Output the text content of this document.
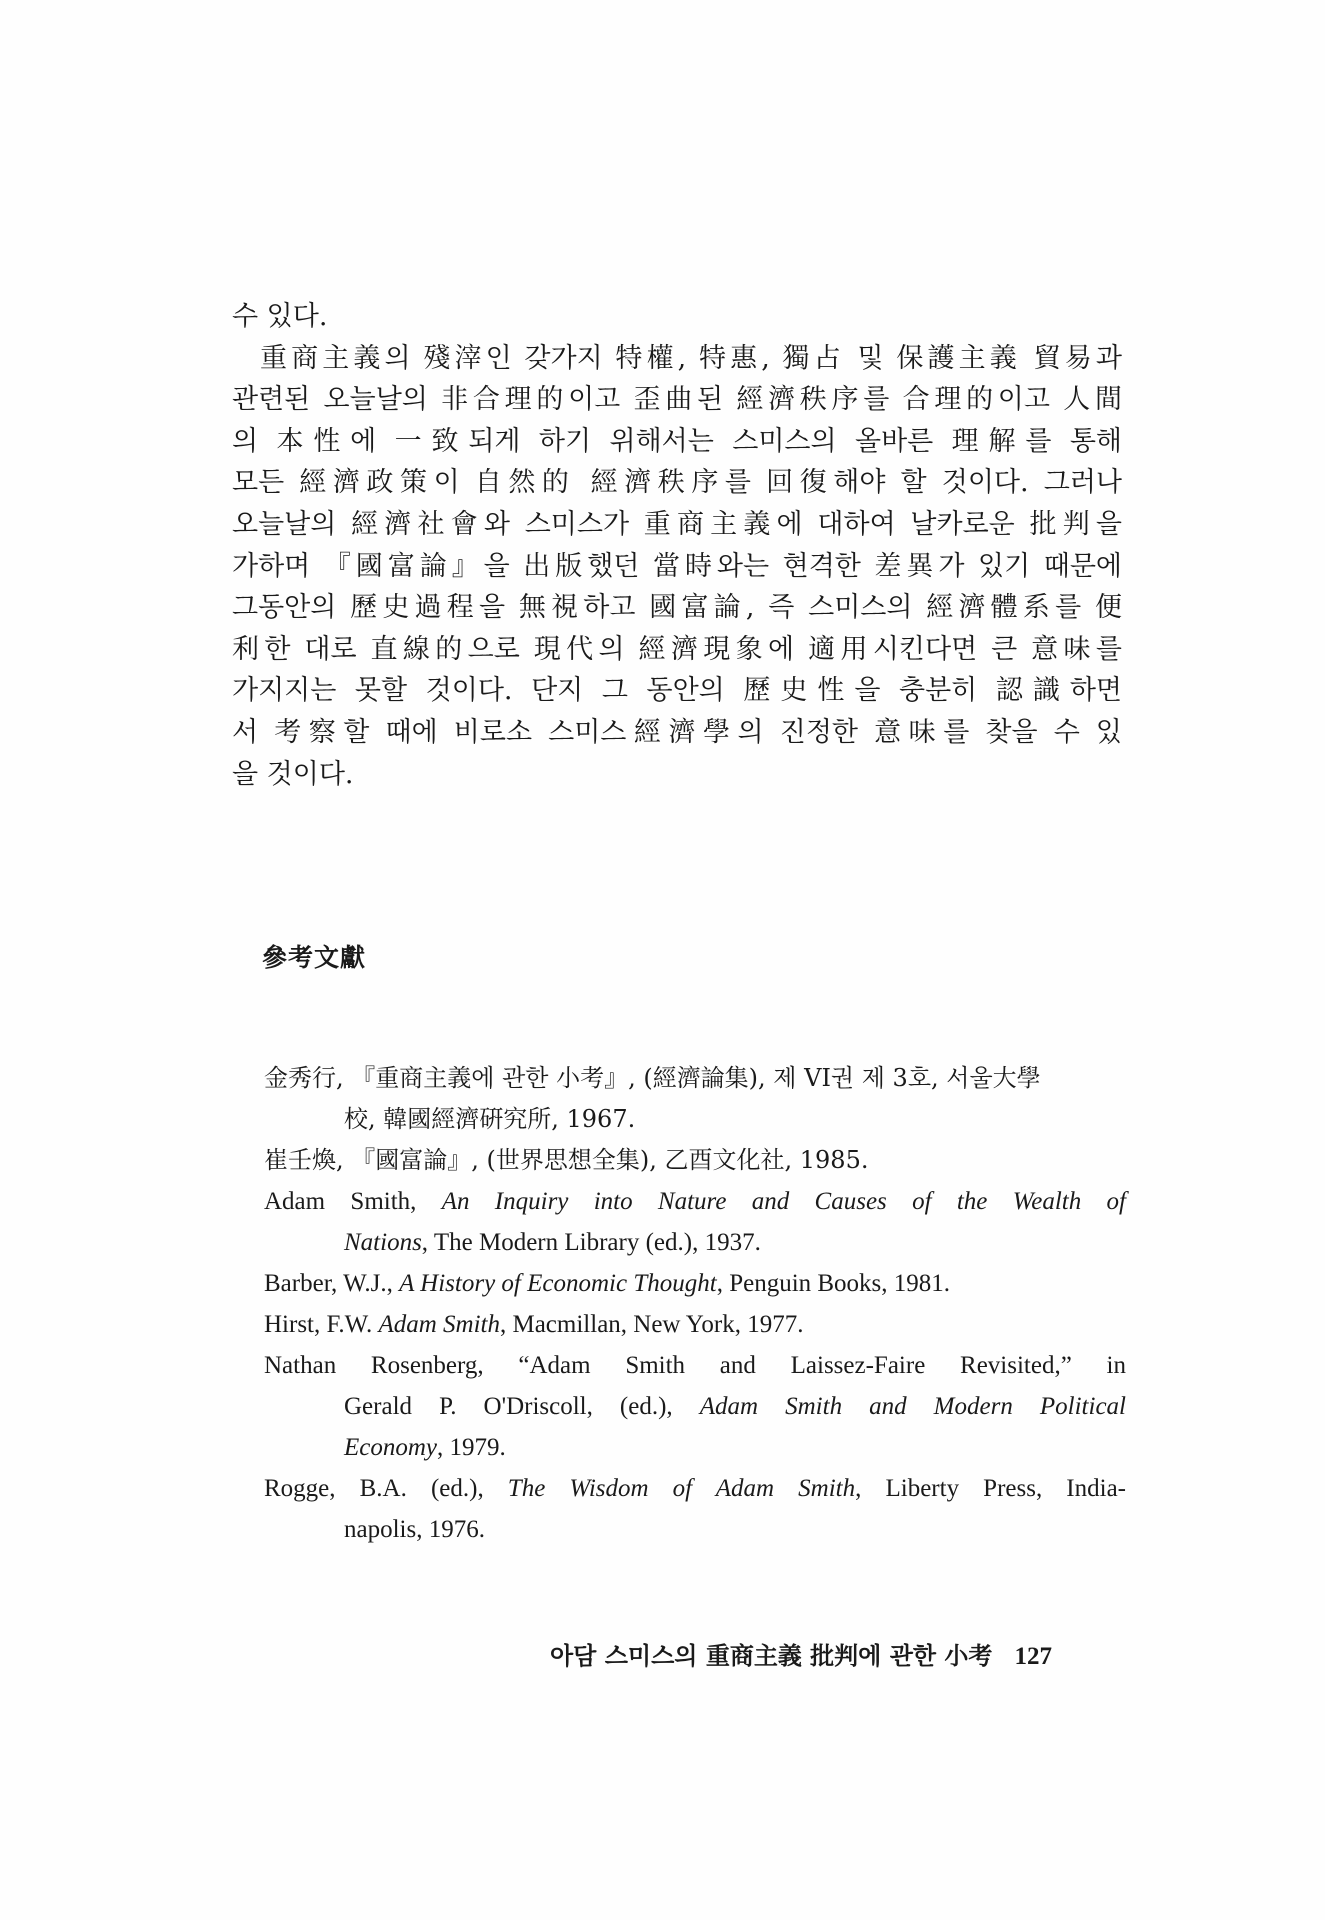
수 있다.

重商主義의 殘滓인 갖가지 特權, 特惠, 獨占 및 保護主義 貿易과

관련된 오늘날의 非合理的이고 歪曲된 經濟秩序를 合理的이고 人間

의 本性에 一致되게 하기 위해서는 스미스의 올바른 理解를 통해

모든 經濟政策이 自然的 經濟秩序를 回復해야 할 것이다. 그러나

오늘날의 經濟社會와 스미스가 重商主義에 대하여 날카로운 批判을

가하며 『國富論』을 出版했던 當時와는 현격한 差異가 있기 때문에

그동안의 歷史過程을 無視하고 國富論, 즉 스미스의 經濟體系를 便

利한 대로 直線的으로 現代의 經濟現象에 適用시킨다면 큰 意味를

가지지는 못할 것이다. 단지 그 동안의 歷史性을 충분히 認識하면

서 考察할 때에 비로소 스미스經濟學의 진정한 意味를 찾을 수 있

을 것이다.

參考文獻
金秀行, 『重商主義에 관한 小考』, (經濟論集), 제 VI권 제 3호, 서울大學
校, 韓國經濟硏究所, 1967.
崔壬煥, 『國富論』, (世界思想全集), 乙酉文化社, 1985.
Adam Smith, An Inquiry into Nature and Causes of the Wealth of
Nations, The Modern Library (ed.), 1937.
Barber, W.J., A History of Economic Thought, Penguin Books, 1981.
Hirst, F.W. Adam Smith, Macmillan, New York, 1977.
Nathan Rosenberg, “Adam Smith and Laissez-Faire Revisited,” in
Gerald P. O'Driscoll, (ed.), Adam Smith and Modern Political
Economy, 1979.
Rogge, B.A. (ed.), The Wisdom of Adam Smith, Liberty Press, India-
napolis, 1976.
아담 스미스의 重商主義 批判에 관한 小考 127
